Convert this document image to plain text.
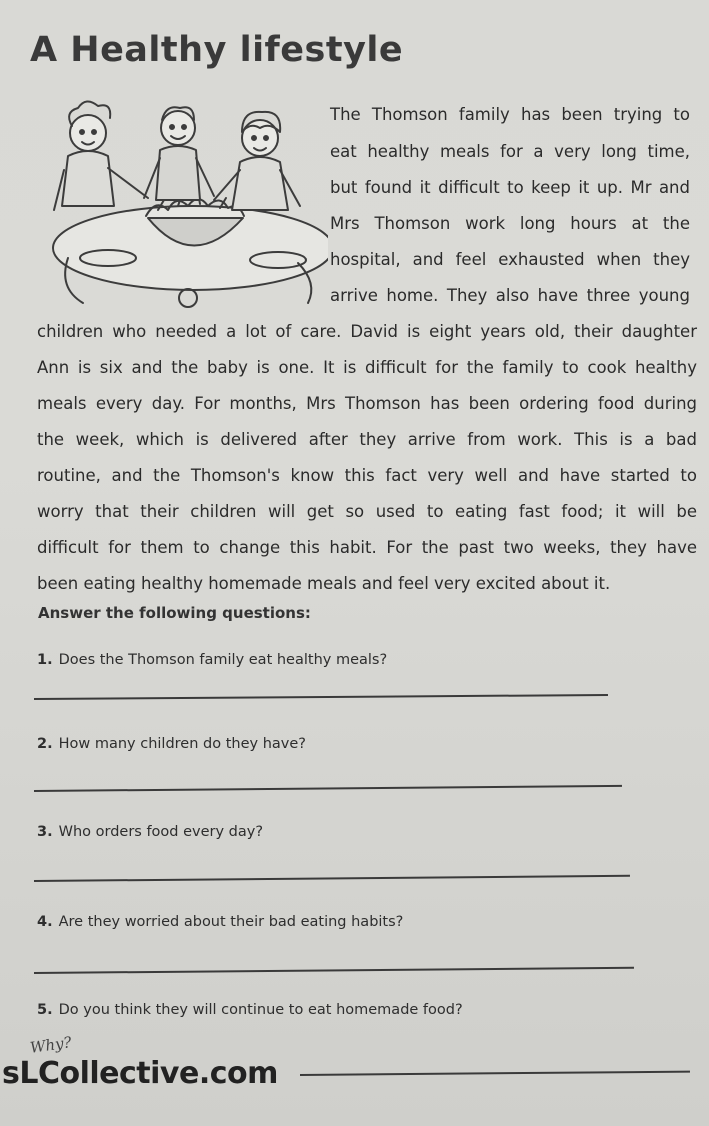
A Healthy lifestyle
The Thomson family has been trying to
eat healthy meals for a very long time,
but found it difficult to keep it up. Mr and
Mrs Thomson work long hours at the
hospital, and feel exhausted when they
arrive home. They also have three young
children who needed a lot of care. David is eight years old, their daughter
Ann is six and the baby is one. It is difficult for the family to cook healthy
meals every day. For months, Mrs Thomson has been ordering food during
the week, which is delivered after they arrive from work. This is a bad
routine, and the Thomson's know this fact very well and have started to
worry that their children will get so used to eating fast food; it will be
difficult for them to change this habit. For the past two weeks, they have
been eating healthy homemade meals and feel very excited about it.
Answer the following questions:
1. Does the Thomson family eat healthy meals?
2. How many children do they have?
3. Who orders food every day?
4. Are they worried about their bad eating habits?
5. Do you think they will continue to eat homemade food?
Why?
sLCollective.com
